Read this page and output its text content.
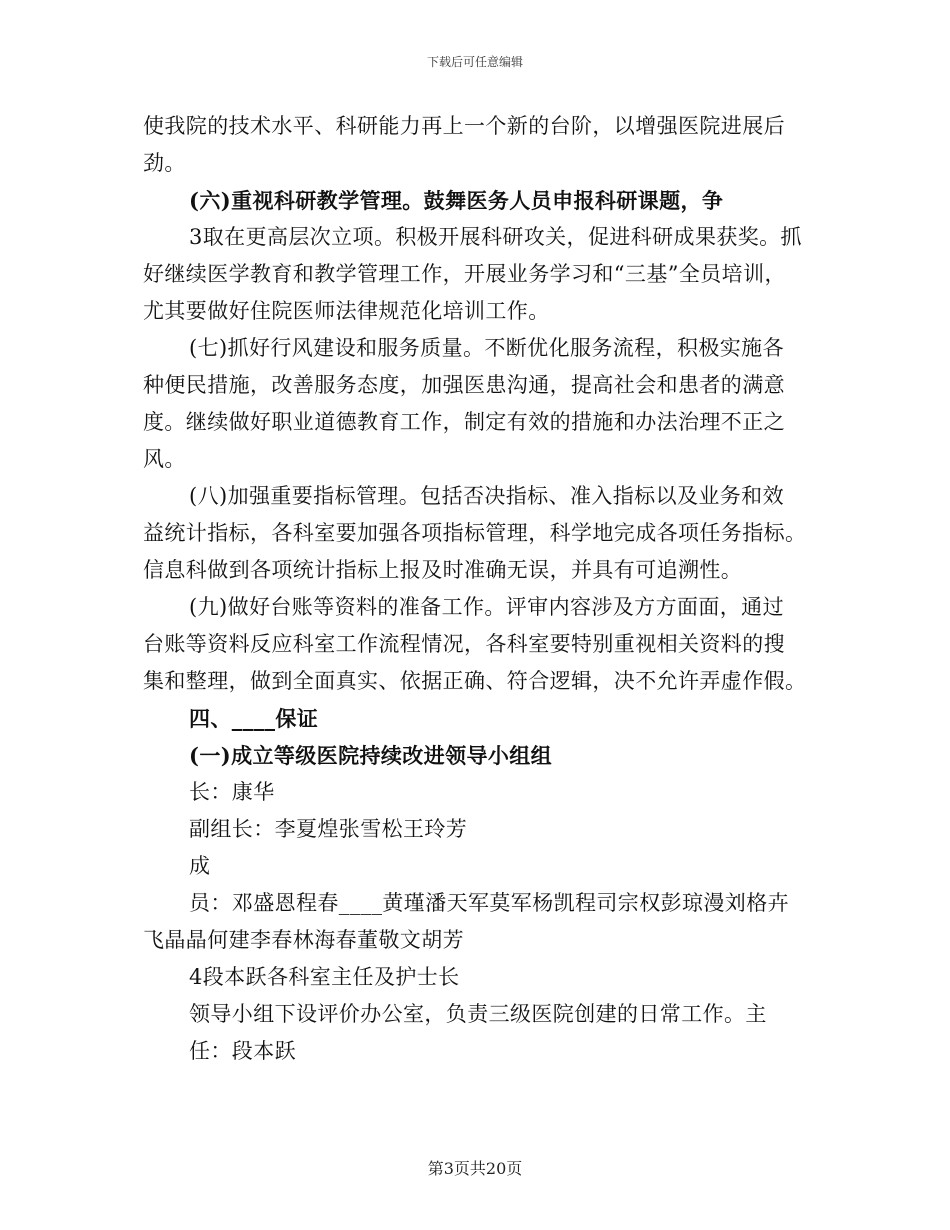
下载后可任意编辑
使我院的技术水平、科研能力再上一个新的台阶，以增强医院进展后
劲。
(六)重视科研教学管理。鼓舞医务人员申报科研课题，争
3取在更高层次立项。积极开展科研攻关，促进科研成果获奖。抓
好继续医学教育和教学管理工作，开展业务学习和“三基”全员培训，
尤其要做好住院医师法律规范化培训工作。
(七)抓好行风建设和服务质量。不断优化服务流程，积极实施各
种便民措施，改善服务态度，加强医患沟通，提高社会和患者的满意
度。继续做好职业道德教育工作，制定有效的措施和办法治理不正之
风。
(八)加强重要指标管理。包括否决指标、准入指标以及业务和效
益统计指标，各科室要加强各项指标管理，科学地完成各项任务指标。
信息科做到各项统计指标上报及时准确无误，并具有可追溯性。
(九)做好台账等资料的准备工作。评审内容涉及方方面面，通过
台账等资料反应科室工作流程情况，各科室要特别重视相关资料的搜
集和整理，做到全面真实、依据正确、符合逻辑，决不允许弄虚作假。
四、____保证
(一)成立等级医院持续改进领导小组组
长：康华
副组长：李夏煌张雪松王玲芳
成
员：邓盛恩程春____黄瑾潘天军莫军杨凯程司宗权彭琼漫刘格卉
飞晶晶何建李春林海春董敬文胡芳
4段本跃各科室主任及护士长
领导小组下设评价办公室，负责三级医院创建的日常工作。主
任：段本跃
第3页共20页
